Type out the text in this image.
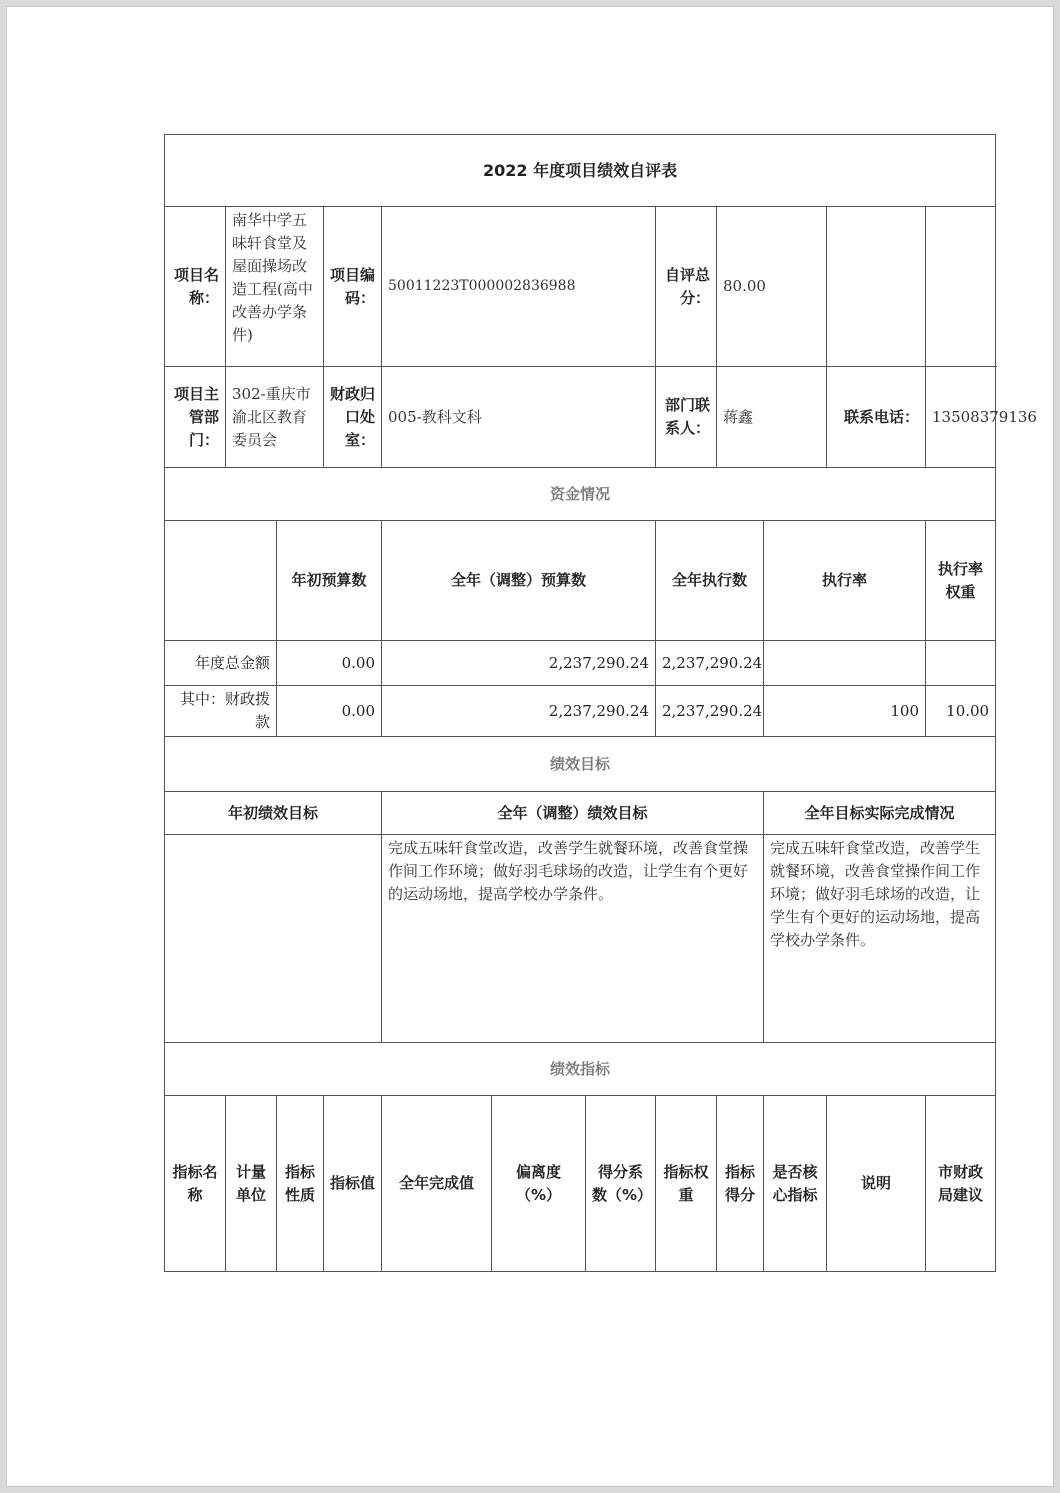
2022 年度项目绩效自评表												
项目名称：	南华中学五味轩食堂及屋面操场改造工程(高中改善办学条件)		项目编码：	50011223T000002836988			自评总分：	80.00				
项目主管部门：	302-重庆市渝北区教育委员会		财政归口处室：	005-教科文科			部门联系人：	蒋鑫		联系电话：	13508379136	
资金情况												
		年初预算数		全年（调整）预算数			全年执行数		执行率		执行率权重	
年度总金额		0.00		2,237,290.24			2,237,290.24					
其中：财政拨款		0.00		2,237,290.24			2,237,290.24		100		10.00	
绩效目标												
年初绩效目标				全年（调整）绩效目标					全年目标实际完成情况			
				完成五味轩食堂改造，改善学生就餐环境，改善食堂操作间工作环境；做好羽毛球场的改造，让学生有个更好的运动场地，提高学校办学条件。					完成五味轩食堂改造，改善学生就餐环境，改善食堂操作间工作环境；做好羽毛球场的改造，让学生有个更好的运动场地，提高学校办学条件。			
绩效指标												
指标名称	计量单位	指标性质	指标值	全年完成值	偏离度（%）	得分系数（%）	指标权重	指标得分	是否核心指标	说明	市财政局建议	
